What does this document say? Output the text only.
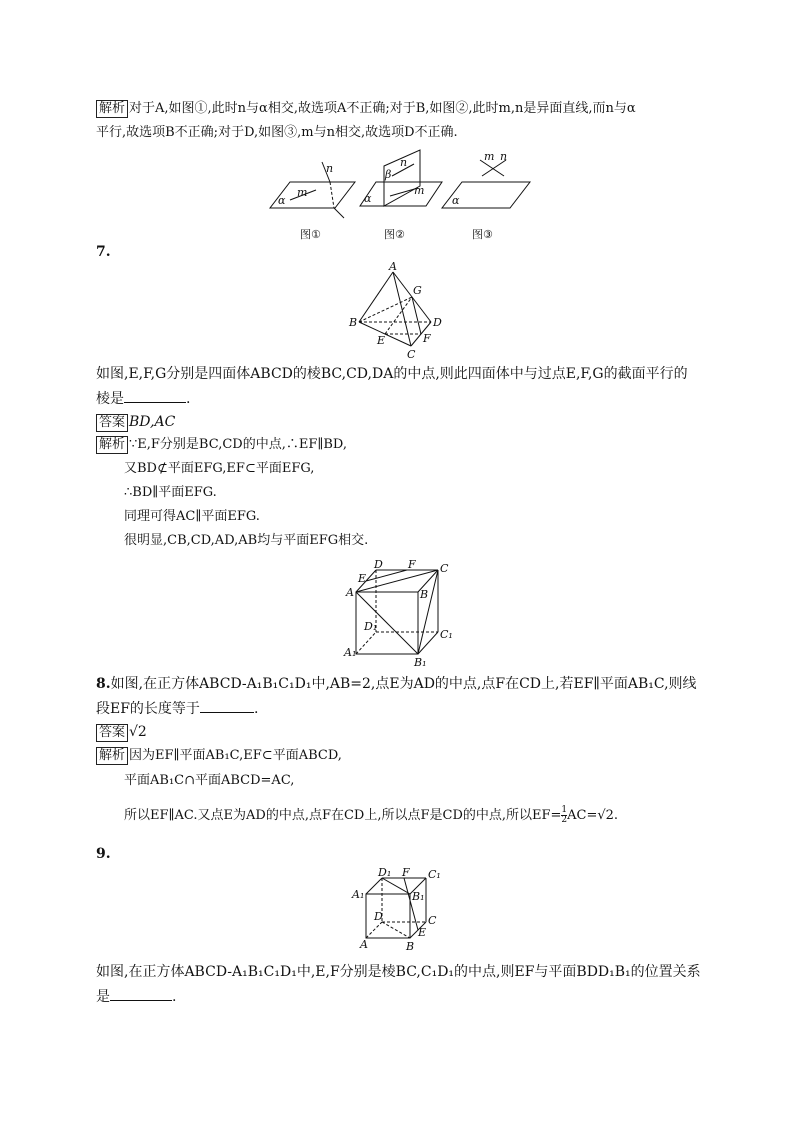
解析 对于A,如图①,此时n与α相交,故选项A不正确;对于B,如图②,此时m,n是异面直线,而n与α
平行,故选项B不正确;对于D,如图③,m与n相交,故选项D不正确.
n
m
α
图①
n
β
m
α
图②
m n
α
图③
7.
A
G
B	D
E	F
C
如图,E,F,G分别是四面体ABCD的棱BC,CD,DA的中点,则此四面体中与过点E,F,G的截面平行的
棱是	.
答案 BD,AC
解析 ∵E,F分别是BC,CD的中点,∴EF∥BD,
又BD⊄平面EFG,EF⊂平面EFG,
∴BD∥平面EFG.
同理可得AC∥平面EFG.
很明显,CB,CD,AD,AB均与平面EFG相交.
D F C
E
A	B
D₁
C₁
A₁
B₁
8.如图,在正方体ABCD-A₁B₁C₁D₁中,AB=2,点E为AD的中点,点F在CD上,若EF∥平面AB₁C,则线
段EF的长度等于	.
答案 √2
解析 因为EF∥平面AB₁C,EF⊂平面ABCD,
平面AB₁C∩平面ABCD=AC,
所以EF∥AC.又点E为AD的中点,点F在CD上,所以点F是CD的中点,所以$EF= \frac{1}{2} AC=√2$.
9.
D₁ F C₁
A₁	B₁
D	C
E
A	B
如图,在正方体ABCD-A₁B₁C₁D₁中,E,F分别是棱BC,C₁D₁的中点,则EF与平面BDD₁B₁的位置关系
是	.
